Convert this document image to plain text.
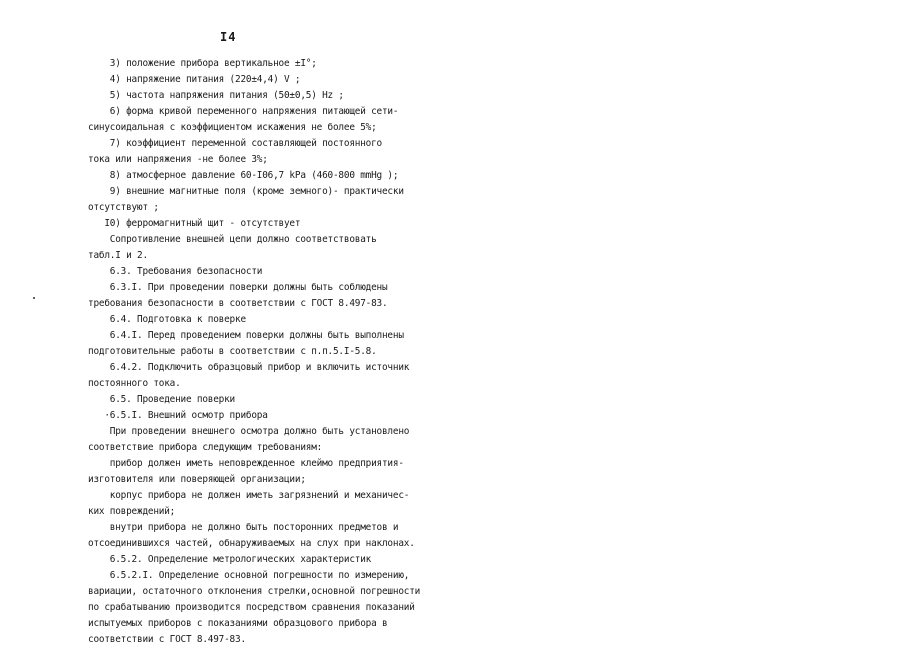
I4
3) положение прибора вертикальное ±I°;
4) напряжение питания (220±4,4) V ;
5) частота напряжения питания (50±0,5) Hz ;
6) форма кривой переменного напряжения питающей сети-
синусоидальная с коэффициентом искажения не более 5%;
7) коэффициент переменной составляющей постоянного
тока или напряжения -не более 3%;
8) атмосферное давление 60-I06,7 kPa (460-800 mmHg );
9) внешние магнитные поля (кроме земного)- практически
отсутствуют ;
I0) ферромагнитный щит - отсутствует
Сопротивление внешней цепи должно соответствовать
табл.I и 2.
6.3. Требования безопасности
6.3.I. При проведении поверки должны быть соблюдены
требования безопасности в соответствии с ГОСТ 8.497-83.
6.4. Подготовка к поверке
6.4.I. Перед проведением поверки должны быть выполнены
подготовительные работы в соответствии с п.п.5.I-5.8.
6.4.2. Подключить образцовый прибор и включить источник
постоянного тока.
6.5. Проведение поверки
·6.5.I. Внешний осмотр прибора
При проведении внешнего осмотра должно быть установлено
соответствие прибора следующим требованиям:
прибор должен иметь неповрежденное клеймо предприятия-
изготовителя или поверяющей организации;
корпус прибора не должен иметь загрязнений и механичес-
ких повреждений;
внутри прибора не должно быть посторонних предметов и
отсоединившихся частей, обнаруживаемых на слух при наклонах.
6.5.2. Определение метрологических характеристик
6.5.2.I. Определение основной погрешности по измерению,
вариации, остаточного отклонения стрелки,основной погрешности
по срабатыванию производится посредством сравнения показаний
испытуемых приборов с показаниями образцового прибора в
соответствии с ГОСТ 8.497-83.
